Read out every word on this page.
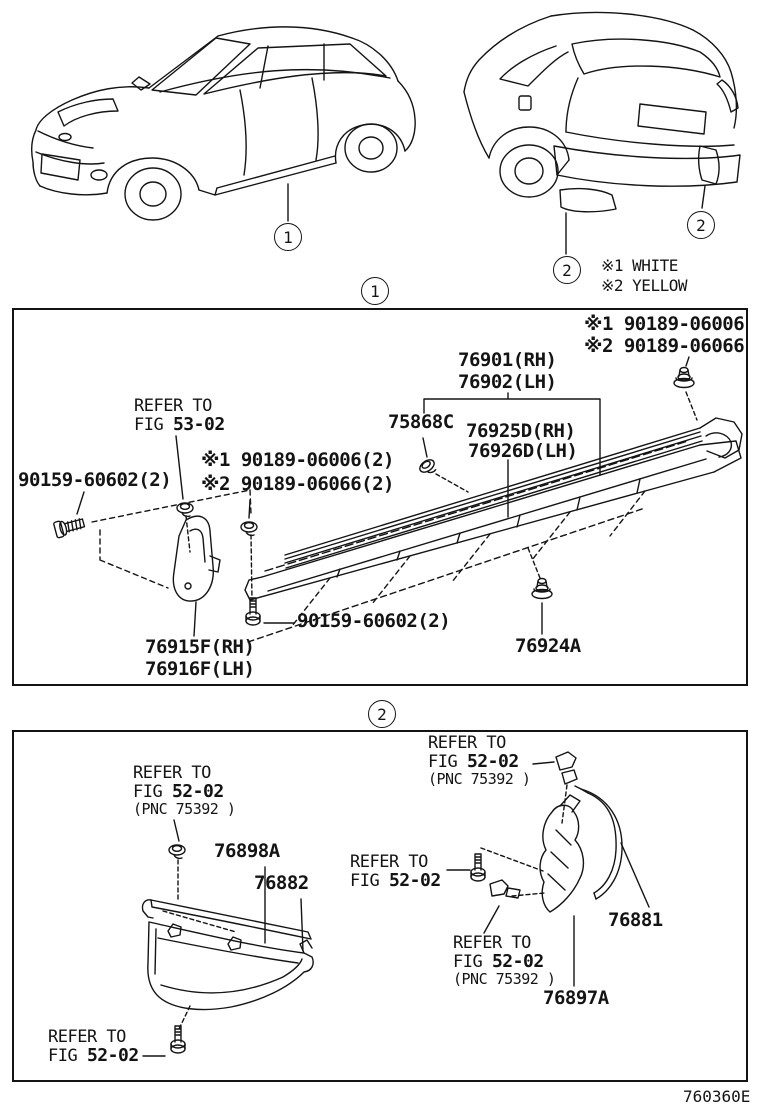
1
2
2
※1 WHITE
※2 YELLOW
1
2
※1 90189-06006
※2 90189-06066
76901(RH)
76902(LH)
REFER TO
FIG 53-02	75868C 76925D(RH)
76926D(LH)
※1 90189-06006(2)
※2 90189-06066(2)
90159-60602(2)
90159-60602(2)
76915F(RH)
76916F(LH)
76924A
REFER TO
FIG 52-02
(PNC 75392 )
REFER TO
FIG 52-02
(PNC 75392 )
REFER TO
FIG 52-02
REFER TO
FIG 52-02
(PNC 75392 )
REFER TO
FIG 52-02
76898A
76882
76881
76897A
760360E
